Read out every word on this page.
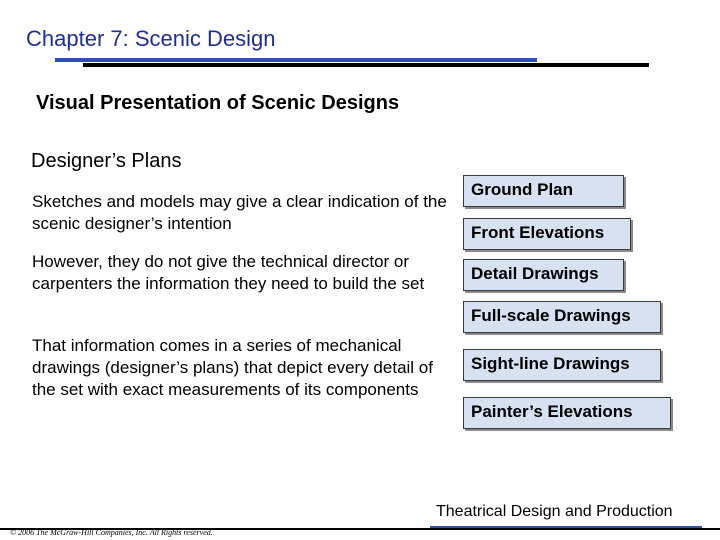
Chapter 7: Scenic Design
Visual Presentation of Scenic Designs
Designer’s Plans
Sketches and models may give a clear indication of the scenic designer’s intention
However, they do not give the technical director or carpenters the information they need to build the set
That information comes in a series of mechanical drawings (designer’s plans) that depict every detail of the set with exact measurements of its components
Ground Plan
Front Elevations
Detail Drawings
Full-scale Drawings
Sight-line Drawings
Painter’s Elevations
Theatrical Design and Production
© 2006 The McGraw-Hill Companies, Inc. All Rights reserved.
